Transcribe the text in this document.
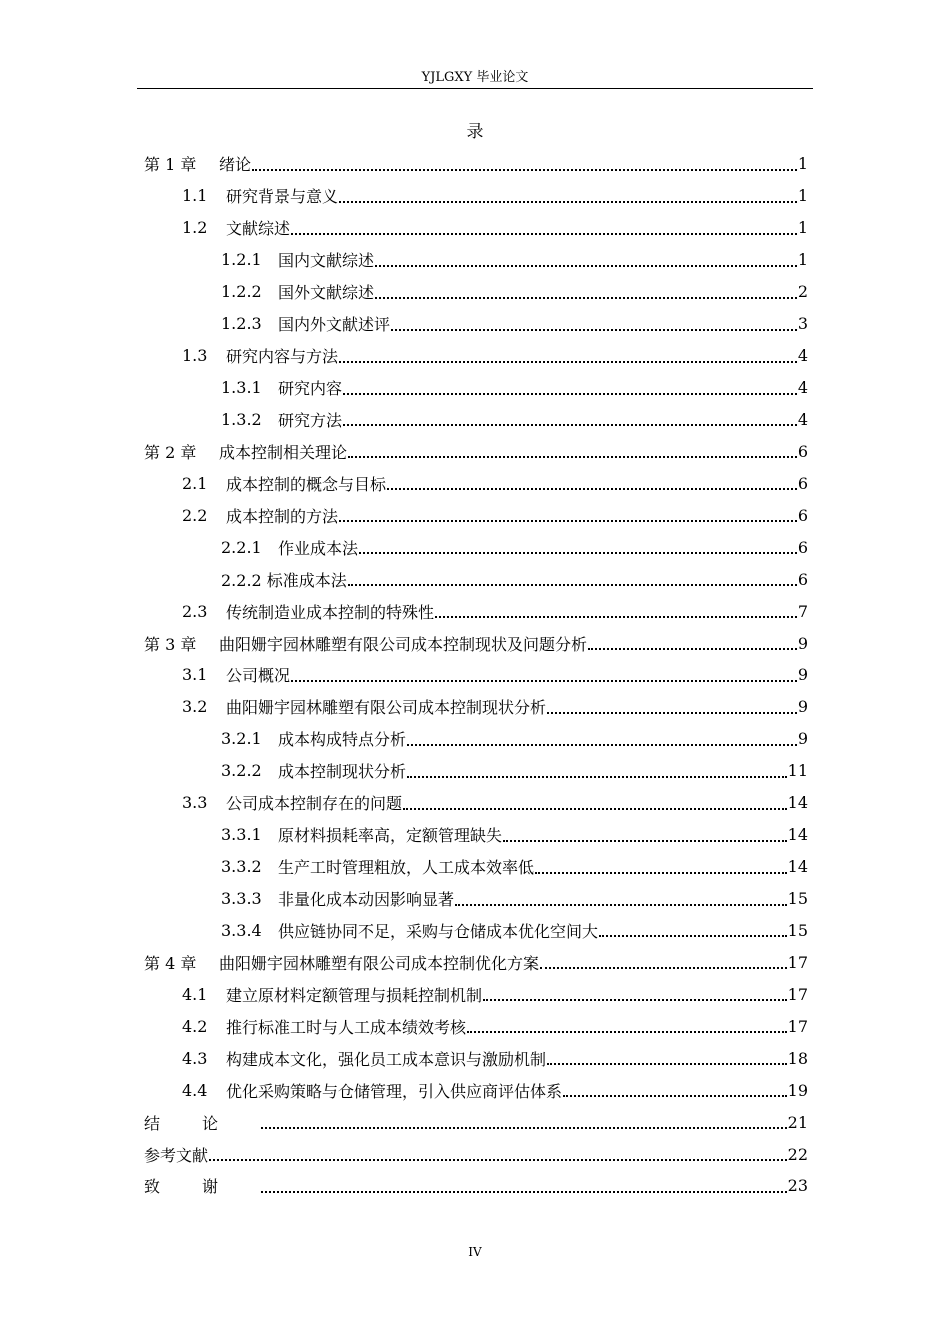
YJLGXY 毕业论文
录
第 1 章	绪论	1
1.1	研究背景与意义	1
1.2	文献综述	1
1.2.1	国内文献综述	1
1.2.2	国外文献综述	2
1.2.3	国内外文献述评	3
1.3	研究内容与方法	4
1.3.1	研究内容	4
1.3.2	研究方法	4
第 2 章	成本控制相关理论	6
2.1	成本控制的概念与目标	6
2.2	成本控制的方法	6
2.2.1	作业成本法	6
2.2.2 标准成本法	6
2.3	传统制造业成本控制的特殊性	7
第 3 章	曲阳姗宇园林雕塑有限公司成本控制现状及问题分析	9
3.1	公司概况	9
3.2	曲阳姗宇园林雕塑有限公司成本控制现状分析	9
3.2.1	成本构成特点分析	9
3.2.2	成本控制现状分析	11
3.3	公司成本控制存在的问题	14
3.3.1	原材料损耗率高，定额管理缺失	14
3.3.2	生产工时管理粗放，人工成本效率低	14
3.3.3	非量化成本动因影响显著	15
3.3.4	供应链协同不足，采购与仓储成本优化空间大	15
第 4 章	曲阳姗宇园林雕塑有限公司成本控制优化方案	17
4.1	建立原材料定额管理与损耗控制机制	17
4.2	推行标准工时与人工成本绩效考核	17
4.3	构建成本文化，强化员工成本意识与激励机制	18
4.4	优化采购策略与仓储管理，引入供应商评估体系	19
结论	21
参考文献	22
致谢	23
IV
